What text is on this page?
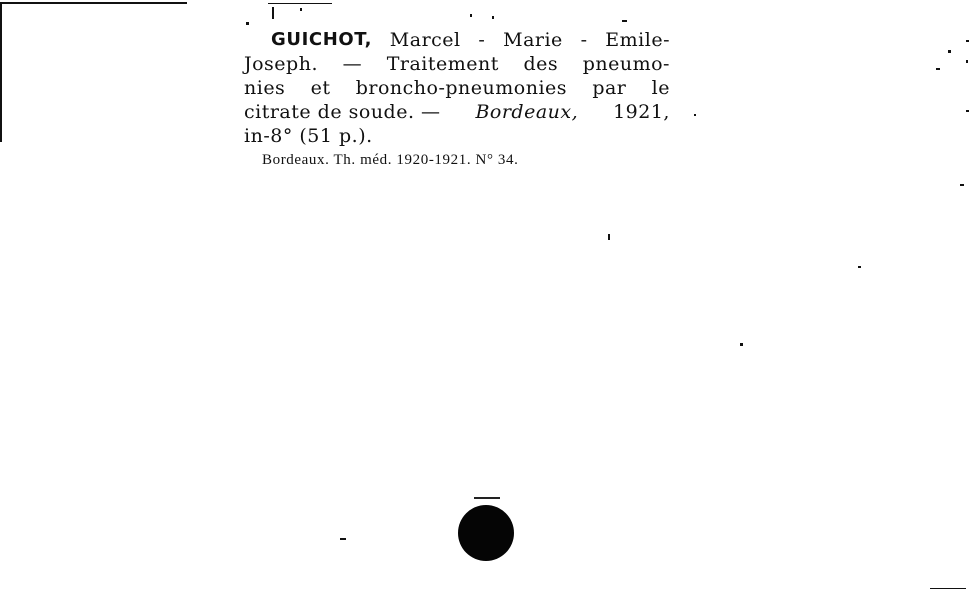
GUICHOT, Marcel - Marie - Emile-
Joseph. — Traitement des pneumo-
nies et broncho-pneumonies par le
citrate de soude. — Bordeaux, 1921,
in-8° (51 p.).
Bordeaux. Th. méd. 1920-1921. N° 34.
